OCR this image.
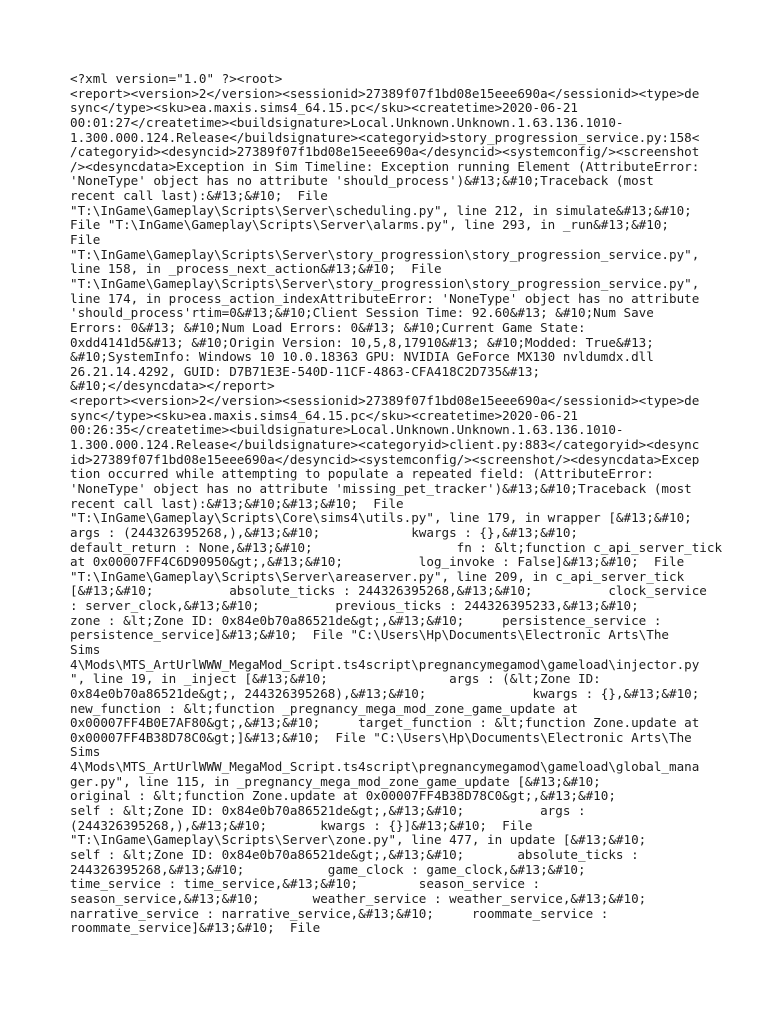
<?xml version="1.0" ?><root>
<report><version>2</version><sessionid>27389f07f1bd08e15eee690a</sessionid><type>de
sync</type><sku>ea.maxis.sims4_64.15.pc</sku><createtime>2020-06-21
00:01:27</createtime><buildsignature>Local.Unknown.Unknown.1.63.136.1010-
1.300.000.124.Release</buildsignature><categoryid>story_progression_service.py:158<
/categoryid><desyncid>27389f07f1bd08e15eee690a</desyncid><systemconfig/><screenshot
/><desyncdata>Exception in Sim Timeline: Exception running Element (AttributeError:
'NoneType' object has no attribute 'should_process')&#13;&#10;Traceback (most
recent call last):&#13;&#10;  File
"T:\InGame\Gameplay\Scripts\Server\scheduling.py", line 212, in simulate&#13;&#10;
File "T:\InGame\Gameplay\Scripts\Server\alarms.py", line 293, in _run&#13;&#10;
File
"T:\InGame\Gameplay\Scripts\Server\story_progression\story_progression_service.py",
line 158, in _process_next_action&#13;&#10;  File
"T:\InGame\Gameplay\Scripts\Server\story_progression\story_progression_service.py",
line 174, in process_action_indexAttributeError: 'NoneType' object has no attribute
'should_process'rtim=0&#13;&#10;Client Session Time: 92.60&#13; &#10;Num Save
Errors: 0&#13; &#10;Num Load Errors: 0&#13; &#10;Current Game State:
0xdd4141d5&#13; &#10;Origin Version: 10,5,8,17910&#13; &#10;Modded: True&#13;
&#10;SystemInfo: Windows 10 10.0.18363 GPU: NVIDIA GeForce MX130 nvldumdx.dll
26.21.14.4292, GUID: D7B71E3E-540D-11CF-4863-CFA418C2D735&#13;
&#10;</desyncdata></report>
<report><version>2</version><sessionid>27389f07f1bd08e15eee690a</sessionid><type>de
sync</type><sku>ea.maxis.sims4_64.15.pc</sku><createtime>2020-06-21
00:26:35</createtime><buildsignature>Local.Unknown.Unknown.1.63.136.1010-
1.300.000.124.Release</buildsignature><categoryid>client.py:883</categoryid><desync
id>27389f07f1bd08e15eee690a</desyncid><systemconfig/><screenshot/><desyncdata>Excep
tion occurred while attempting to populate a repeated field: (AttributeError:
'NoneType' object has no attribute 'missing_pet_tracker')&#13;&#10;Traceback (most
recent call last):&#13;&#10;&#13;&#10;  File
"T:\InGame\Gameplay\Scripts\Core\sims4\utils.py", line 179, in wrapper [&#13;&#10;
args : (244326395268,),&#13;&#10;            kwargs : {},&#13;&#10;
default_return : None,&#13;&#10;                   fn : &lt;function c_api_server_tick
at 0x00007FF4C6D90950&gt;,&#13;&#10;          log_invoke : False]&#13;&#10;  File
"T:\InGame\Gameplay\Scripts\Server\areaserver.py", line 209, in c_api_server_tick
[&#13;&#10;          absolute_ticks : 244326395268,&#13;&#10;          clock_service
: server_clock,&#13;&#10;          previous_ticks : 244326395233,&#13;&#10;
zone : &lt;Zone ID: 0x84e0b70a86521de&gt;,&#13;&#10;     persistence_service :
persistence_service]&#13;&#10;  File "C:\Users\Hp\Documents\Electronic Arts\The
Sims
4\Mods\MTS_ArtUrlWWW_MegaMod_Script.ts4script\pregnancymegamod\gameload\injector.py
", line 19, in _inject [&#13;&#10;                args : (&lt;Zone ID:
0x84e0b70a86521de&gt;, 244326395268),&#13;&#10;              kwargs : {},&#13;&#10;
new_function : &lt;function _pregnancy_mega_mod_zone_game_update at
0x00007FF4B0E7AF80&gt;,&#13;&#10;     target_function : &lt;function Zone.update at
0x00007FF4B38D78C0&gt;]&#13;&#10;  File "C:\Users\Hp\Documents\Electronic Arts\The
Sims
4\Mods\MTS_ArtUrlWWW_MegaMod_Script.ts4script\pregnancymegamod\gameload\global_mana
ger.py", line 115, in _pregnancy_mega_mod_zone_game_update [&#13;&#10;
original : &lt;function Zone.update at 0x00007FF4B38D78C0&gt;,&#13;&#10;
self : &lt;Zone ID: 0x84e0b70a86521de&gt;,&#13;&#10;          args :
(244326395268,),&#13;&#10;       kwargs : {}]&#13;&#10;  File
"T:\InGame\Gameplay\Scripts\Server\zone.py", line 477, in update [&#13;&#10;
self : &lt;Zone ID: 0x84e0b70a86521de&gt;,&#13;&#10;       absolute_ticks :
244326395268,&#13;&#10;           game_clock : game_clock,&#13;&#10;
time_service : time_service,&#13;&#10;        season_service :
season_service,&#13;&#10;       weather_service : weather_service,&#13;&#10;
narrative_service : narrative_service,&#13;&#10;     roommate_service :
roommate_service]&#13;&#10;  File
